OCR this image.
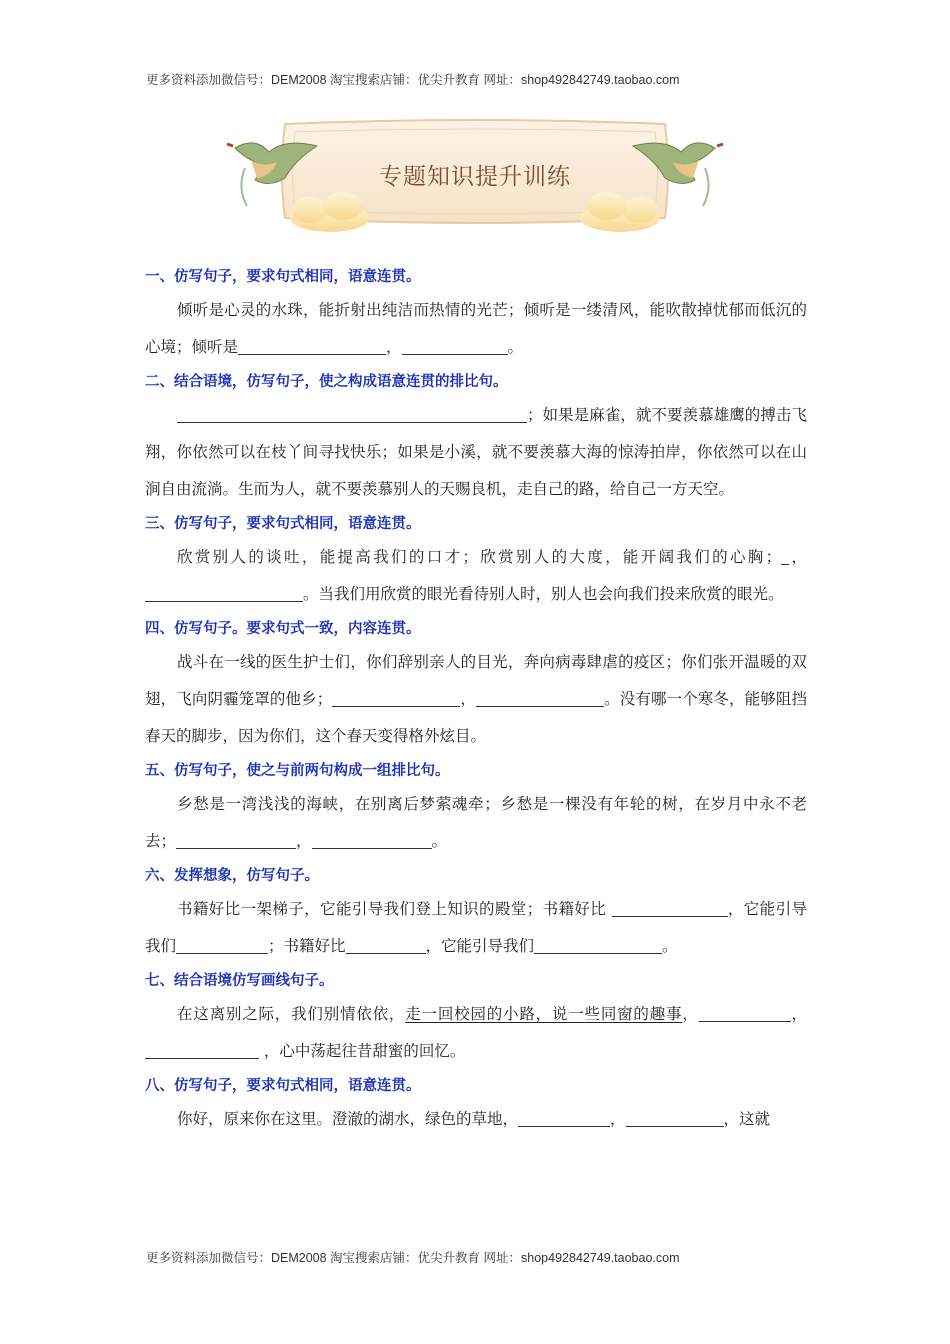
更多资料添加微信号：DEM2008 淘宝搜索店铺：优尖升教育 网址：shop492842749.taobao.com
专题知识提升训练
一、仿写句子，要求句式相同，语意连贯。
倾听是心灵的水珠，能折射出纯洁而热情的光芒；倾听是一缕清风，能吹散掉忧郁而低沉的心境；倾听是	，	。
二、结合语境，仿写句子，使之构成语意连贯的排比句。
；如果是麻雀，就不要羡慕雄鹰的搏击飞翔，你依然可以在枝丫间寻找快乐；如果是小溪，就不要羡慕大海的惊涛拍岸，你依然可以在山涧自由流淌。生而为人，就不要羡慕别人的天赐良机，走自己的路，给自己一方天空。
三、仿写句子，要求句式相同，语意连贯。
欣赏别人的谈吐，能提高我们的口才；欣赏别人的大度，能开阔我们的心胸； ，。当我们用欣赏的眼光看待别人时，别人也会向我们投来欣赏的眼光。
四、仿写句子。要求句式一致，内容连贯。
战斗在一线的医生护士们，你们辞别亲人的目光，奔向病毒肆虐的疫区；你们张开温暖的双翅，飞向阴霾笼罩的他乡；	，	。没有哪一个寒冬，能够阻挡春天的脚步，因为你们，这个春天变得格外炫目。
五、仿写句子，使之与前两句构成一组排比句。
乡愁是一湾浅浅的海峡，在别离后梦萦魂牵；乡愁是一棵没有年轮的树，在岁月中永不老去；	，	。
六、发挥想象，仿写句子。
书籍好比一架梯子，它能引导我们登上知识的殿堂；书籍好比	，它能引导我们	；书籍好比	，它能引导我们	。
七、结合语境仿写画线句子。
在这离别之际，我们别情依依，走一回校园的小路，说一些同窗的趣事，	， ，心中荡起往昔甜蜜的回忆。
八、仿写句子，要求句式相同，语意连贯。
你好，原来你在这里。澄澈的湖水，绿色的草地，	，	，这就
更多资料添加微信号：DEM2008 淘宝搜索店铺：优尖升教育 网址：shop492842749.taobao.com
